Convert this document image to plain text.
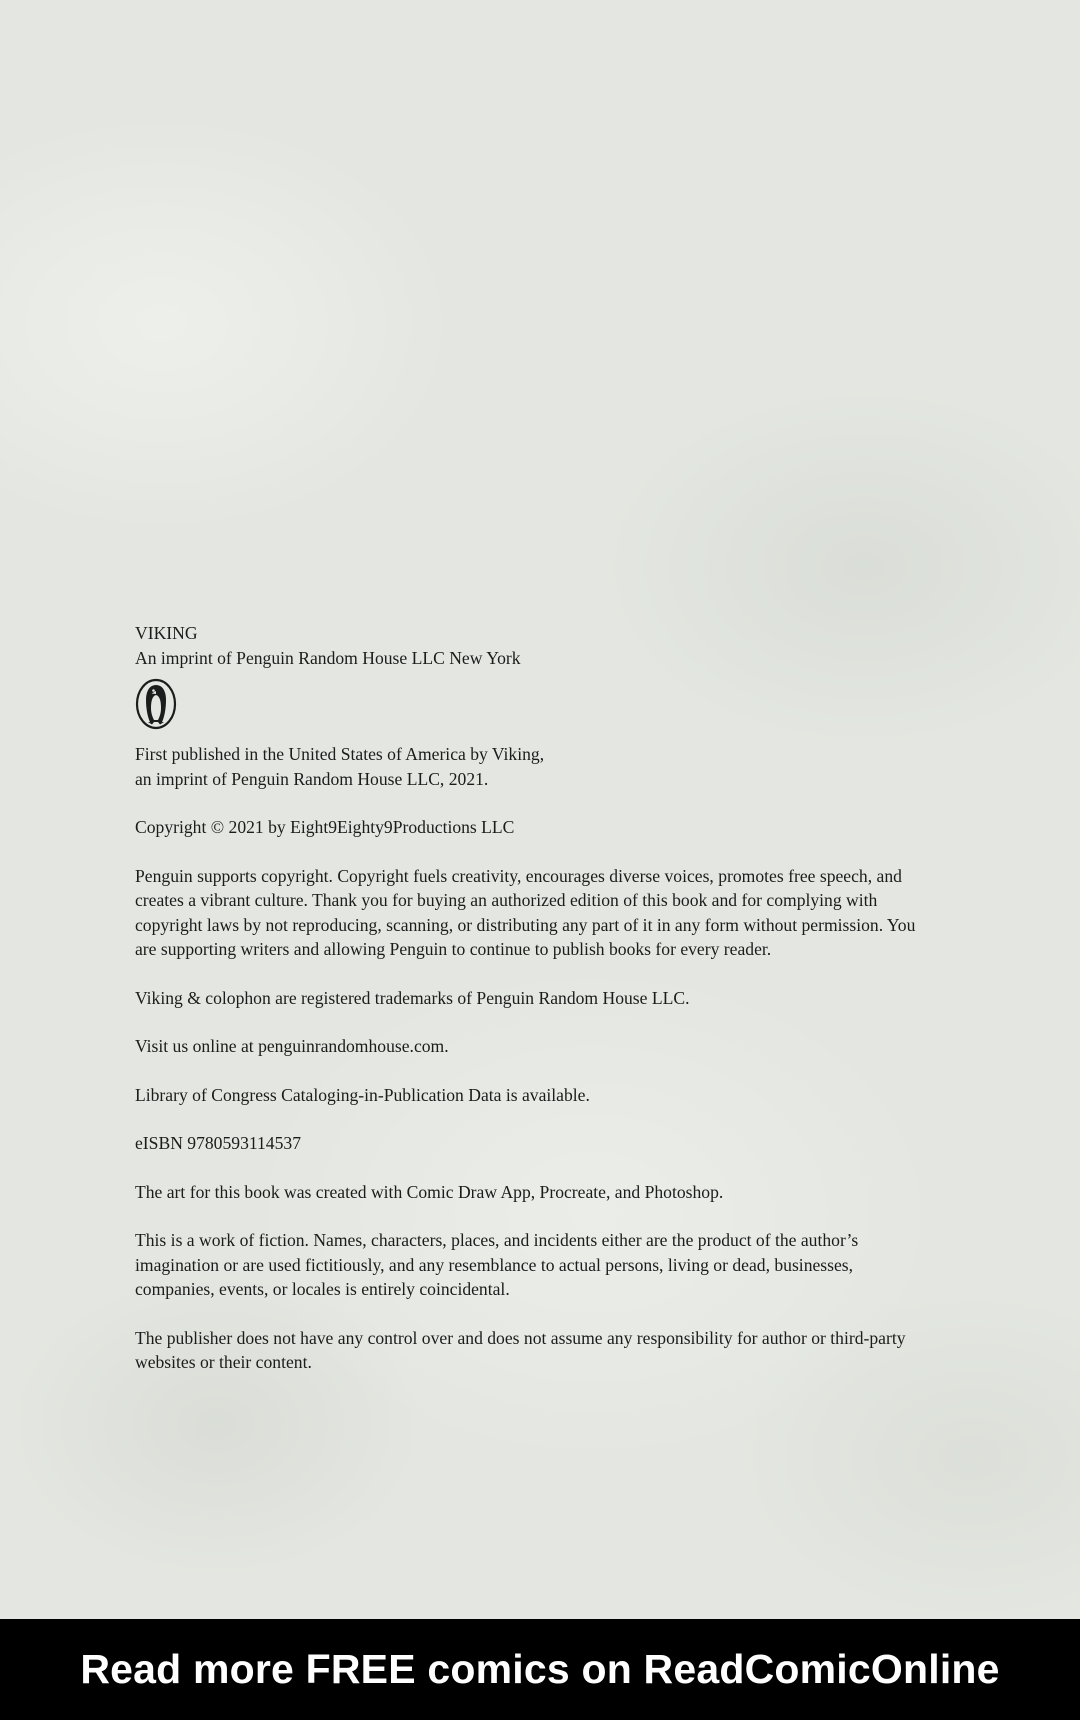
VIKING

An imprint of Penguin Random House LLC New York

First published in the United States of America by Viking,

an imprint of Penguin Random House LLC, 2021.

Copyright © 2021 by Eight9Eighty9Productions LLC

Penguin supports copyright. Copyright fuels creativity, encourages diverse voices, promotes free speech, and creates a vibrant culture. Thank you for buying an authorized edition of this book and for complying with copyright laws by not reproducing, scanning, or distributing any part of it in any form without permission. You are supporting writers and allowing Penguin to continue to publish books for every reader.

Viking & colophon are registered trademarks of Penguin Random House LLC.

Visit us online at penguinrandomhouse.com.

Library of Congress Cataloging-in-Publication Data is available.

eISBN 9780593114537

The art for this book was created with Comic Draw App, Procreate, and Photoshop.

This is a work of fiction. Names, characters, places, and incidents either are the product of the author’s imagination or are used fictitiously, and any resemblance to actual persons, living or dead, businesses, companies, events, or locales is entirely coincidental.

The publisher does not have any control over and does not assume any responsibility for author or third-party websites or their content.

Read more FREE comics on ReadComicOnline
